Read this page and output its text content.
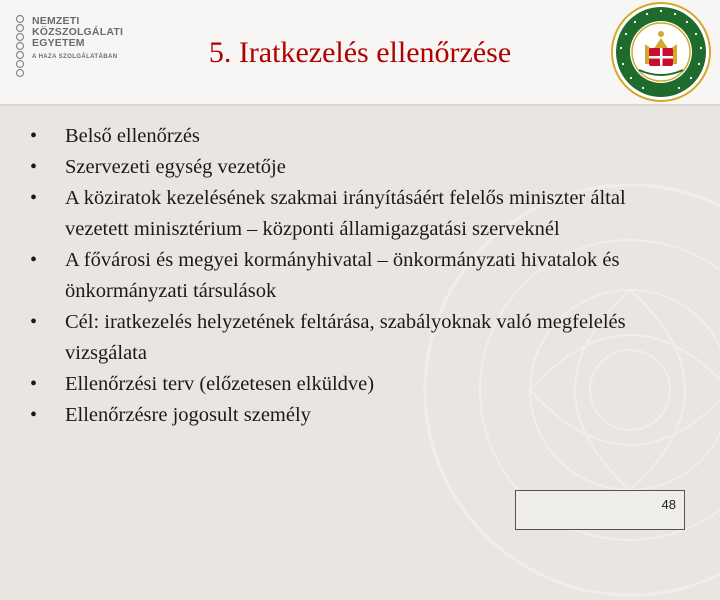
NEMZETI
KÖZSZOLGÁLATI
EGYETEM
A HAZA SZOLGÁLATÁBAN	5. Iratkezelés ellenőrzése
• Belső ellenőrzés
• Szervezeti egység vezetője
• A köziratok kezelésének szakmai irányításáért felelős miniszter által vezetett minisztérium – központi államigazgatási szerveknél
• A fővárosi és megyei kormányhivatal – önkormányzati hivatalok és önkormányzati társulások
• Cél: iratkezelés helyzetének feltárása, szabályoknak való megfelelés vizsgálata
• Ellenőrzési terv (előzetesen elküldve)
• Ellenőrzésre jogosult személy
48
